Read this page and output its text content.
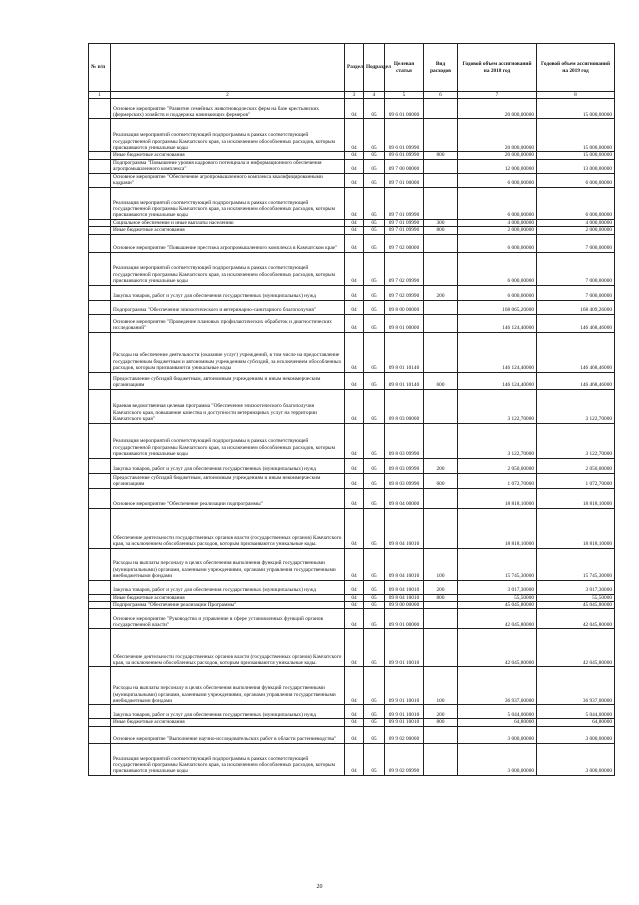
№ п/п		Раздел	Подраздел	Целевая статья	Вид расходов	Годовой объем ассигнований на 2018 год	Годовой объем ассигнований на 2019 год
1	2	3	4	5	6	7	8
	Основное мероприятие "Развитие семейных животноводческих ферм на базе крестьянских (фермерских) хозяйств и поддержка начинающих фермеров"	04	05	09 6 01 00000		20 000,00000	15 000,00000
	Реализация мероприятий соответствующей подпрограммы в рамках соответствующей государственной программы Камчатского края, за исключением обособленных расходов, которым присваиваются уникальные коды	04	05	09 6 01 09990		20 000,00000	15 000,00000
	Иные бюджетные ассигнования	04	05	09 6 01 09990	800	20 000,00000	15 000,00000
	Подпрограмма "Повышение уровня кадрового потенциала и информационного обеспечения агропромышленного комплекса"	04	05	09 7 00 00000		12 000,00000	13 000,00000
	Основное мероприятие "Обеспечение агропромышленного комплекса квалифицированными кадрами"	04	05	09 7 01 00000		6 000,00000	6 000,00000
	Реализация мероприятий соответствующей подпрограммы в рамках соответствующей государственной программы Камчатского края, за исключением обособленных расходов, которым присваиваются уникальные коды	04	05	09 7 01 09990		6 000,00000	6 000,00000
	Социальное обеспечение и иные выплаты населению	04	05	09 7 01 09990	300	4 000,00000	4 000,00000
	Иные бюджетные ассигнования	04	05	09 7 01 09990	800	2 000,00000	2 000,00000
	Основное мероприятие "Повышение престижа агропромышленного комплекса в Камчатском крае"	04	05	09 7 02 00000		6 000,00000	7 000,00000
	Реализация мероприятий соответствующей подпрограммы в рамках соответствующей государственной программы Камчатского края, за исключением обособленных расходов, которым присваиваются уникальные коды	04	05	09 7 02 09990		6 000,00000	7 000,00000
	Закупка товаров, работ и услуг для обеспечения государственных (муниципальных) нужд	04	05	09 7 02 09990	200	6 000,00000	7 000,00000
	Подпрограмма "Обеспечение эпизоотического и ветеринарно-санитарного благополучия"	04	05	09 8 00 00000		168 065,20000	168 409,26000
	Основное мероприятие "Проведение плановых профилактических обработок и диагностических исследований"	04	05	09 8 01 00000		146 124,40000	146 468,46000
	Расходы на обеспечение деятельности (оказание услуг) учреждений, в том числе на предоставление государственным бюджетным и автономным учреждениям субсидий, за исключением обособленных расходов, которым присваиваются уникальные коды	04	05	09 8 01 10140		146 124,40000	146 468,46000
	Предоставление субсидий бюджетным, автономным учреждениям и иным некоммерческим организациям	04	05	09 8 01 10140	600	146 124,40000	146 468,46000
	Краевая ведомственная целевая программа "Обеспечение эпизоотического благополучия Камчатского края, повышение качества и доступности ветеринарных услуг на территории Камчатского края"	04	05	09 8 03 00000		3 122,70000	3 122,70000
	Реализация мероприятий соответствующей подпрограммы в рамках соответствующей государственной программы Камчатского края, за исключением обособленных расходов, которым присваиваются уникальные коды	04	05	09 8 03 09990		3 122,70000	3 122,70000
	Закупка товаров, работ и услуг для обеспечения государственных (муниципальных) нужд	04	05	09 8 03 09990	200	2 050,00000	2 050,00000
	Предоставление субсидий бюджетным, автономным учреждениям и иным некоммерческим организациям	04	05	09 8 03 09990	600	1 072,70000	1 072,70000
	Основное мероприятие "Обеспечение реализации подпрограммы"	04	05	09 8 04 00000		18 818,10000	18 818,10000
	Обеспечение деятельности государственных органов власти (государственных органов) Камчатского края, за исключением обособленных расходов, которым присваиваются уникальные коды.	04	05	09 8 04 10010		18 818,10000	18 818,10000
	Расходы на выплаты персоналу в целях обеспечения выполнения функций государственными (муниципальными) органами, казенными учреждениями, органами управления государственными внебюджетными фондами	04	05	09 8 04 10010	100	15 745,30000	15 745,30000
	Закупка товаров, работ и услуг для обеспечения государственных (муниципальных) нужд	04	05	09 8 04 10010	200	3 017,30000	3 017,30000
	Иные бюджетные ассигнования	04	05	09 8 04 10010	800	55,50000	55,50000
	Подпрограмма "Обеспечение реализации Программы"	04	05	09 9 00 00000		45 045,80000	45 045,80000
	Основное мероприятие "Руководство и управление в сфере установленных функций органов государственной власти"	04	05	09 9 01 00000		42 045,80000	42 045,80000
	Обеспечение деятельности государственных органов власти (государственных органов) Камчатского края, за исключением обособленных расходов, которым присваиваются уникальные коды.	04	05	09 9 01 10010		42 045,80000	42 045,80000
	Расходы на выплаты персоналу в целях обеспечения выполнения функций государственными (муниципальными) органами, казенными учреждениями, органами управления государственными внебюджетными фондами	04	05	09 9 01 10010	100	36 937,00000	36 937,00000
	Закупка товаров, работ и услуг для обеспечения государственных (муниципальных) нужд	04	05	09 9 01 10010	200	5 044,00000	5 044,00000
	Иные бюджетные ассигнования	04	05	09 9 01 10010	800	64,80000	64,80000
	Основное мероприятие "Выполнение научно-исследовательских работ в области растениеводства"	04	05	09 9 02 00000		3 000,00000	3 000,00000
	Реализация мероприятий соответствующей подпрограммы в рамках соответствующей государственной программы Камчатского края, за исключением обособленных расходов, которым присваиваются уникальные коды	04	05	09 9 02 09990		3 000,00000	3 000,00000
20
